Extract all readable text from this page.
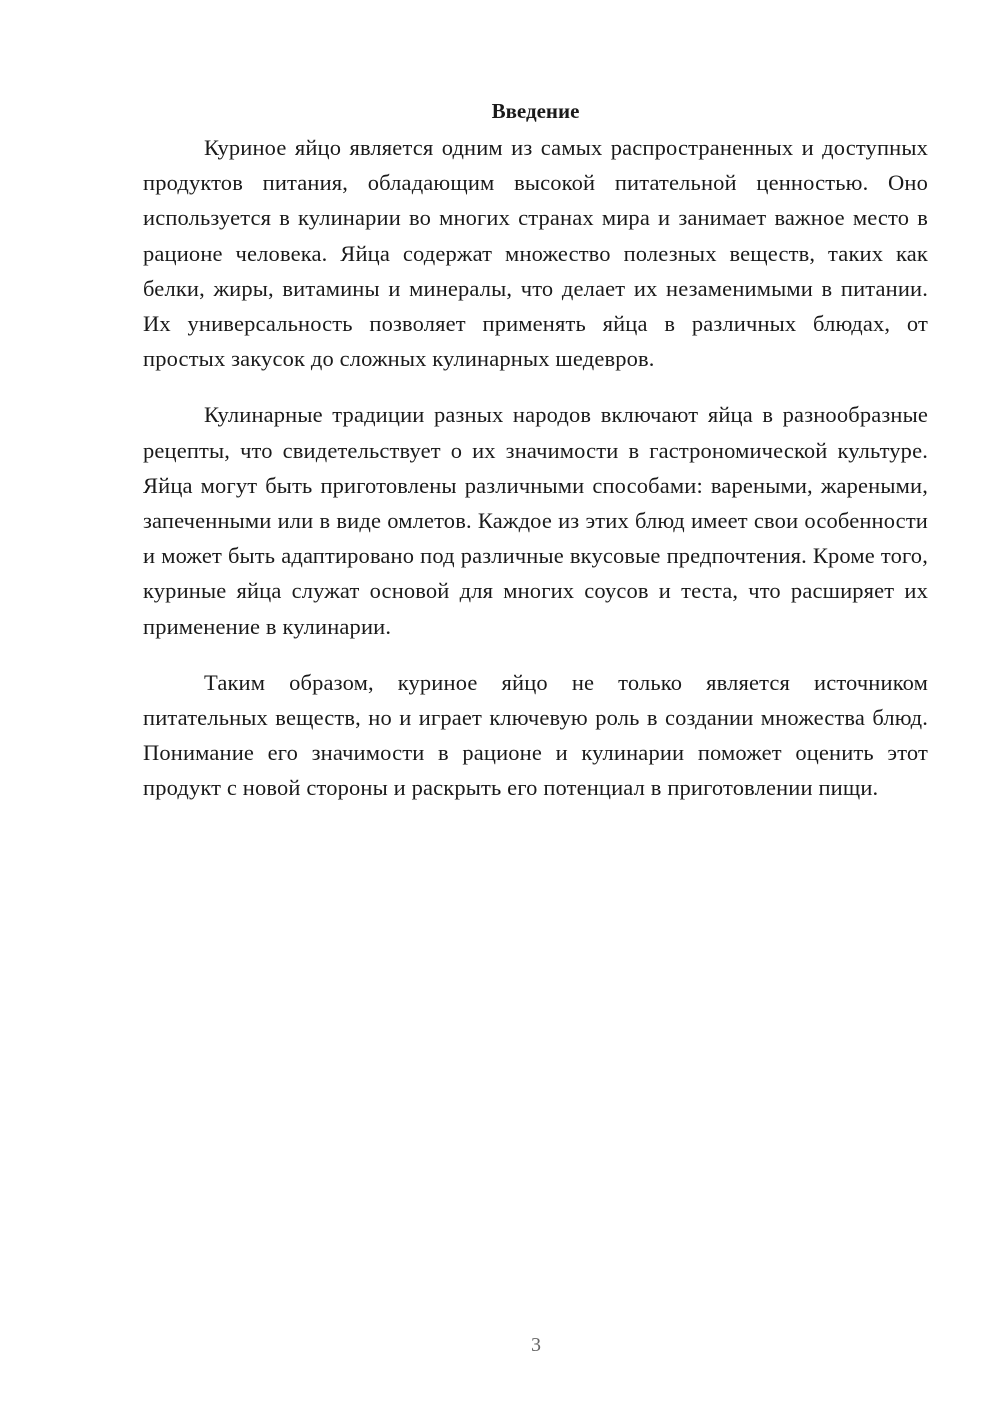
Введение

Куриное яйцо является одним из самых распространенных и доступных продуктов питания, обладающим высокой питательной ценностью. Оно используется в кулинарии во многих странах мира и занимает важное место в рационе человека. Яйца содержат множество полезных веществ, таких как белки, жиры, витамины и минералы, что делает их незаменимыми в питании. Их универсальность позволяет применять яйца в различных блюдах, от простых закусок до сложных кулинарных шедевров.

Кулинарные традиции разных народов включают яйца в разнообразные рецепты, что свидетельствует о их значимости в гастрономической культуре. Яйца могут быть приготовлены различными способами: вареными, жареными, запеченными или в виде омлетов. Каждое из этих блюд имеет свои особенности и может быть адаптировано под различные вкусовые предпочтения. Кроме того, куриные яйца служат основой для многих соусов и теста, что расширяет их применение в кулинарии.

Таким образом, куриное яйцо не только является источником питательных веществ, но и играет ключевую роль в создании множества блюд. Понимание его значимости в рационе и кулинарии поможет оценить этот продукт с новой стороны и раскрыть его потенциал в приготовлении пищи.

3
